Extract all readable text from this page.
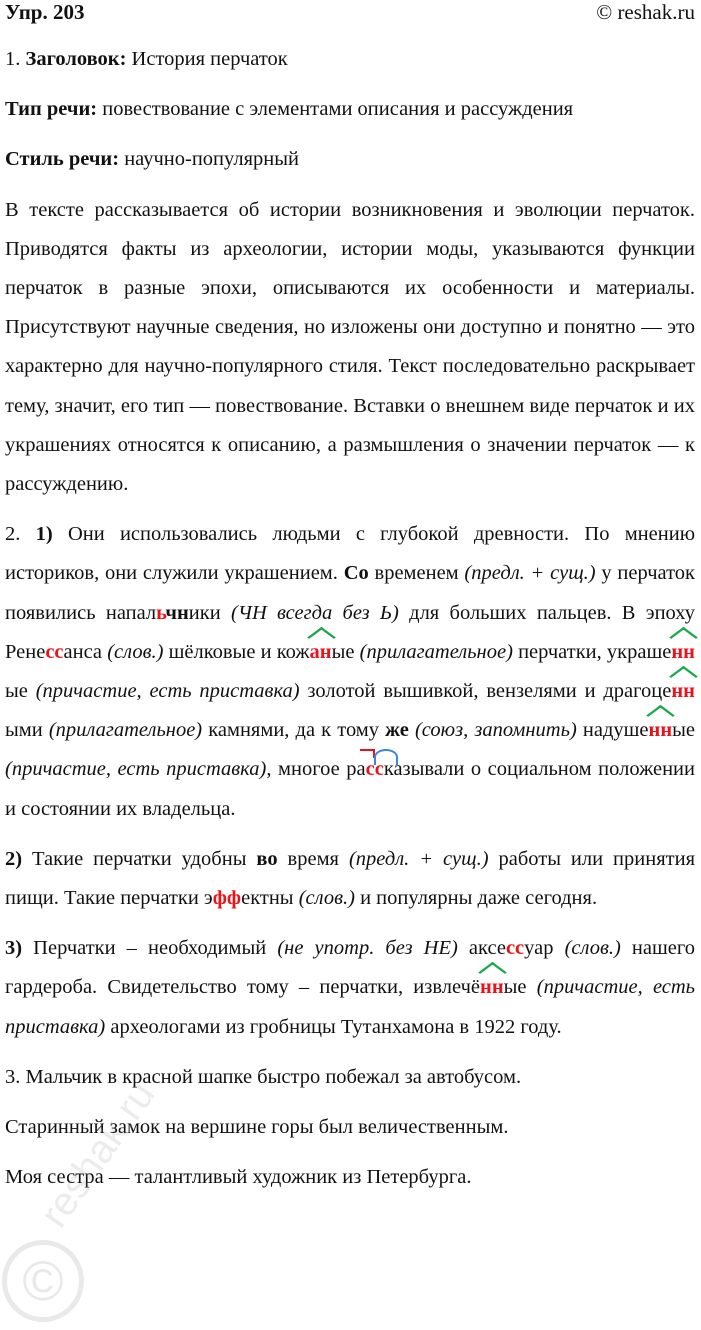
Упр. 203	© reshak.ru

1. Заголовок: История перчаток

Тип речи: повествование с элементами описания и рассуждения

Стиль речи: научно-популярный

В тексте рассказывается об истории возникновения и эволюции перчаток. Приводятся факты из археологии, истории моды, указываются функции перчаток в разные эпохи, описываются их особенности и материалы. Присутствуют научные сведения, но изложены они доступно и понятно — это характерно для научно-популярного стиля. Текст последовательно раскрывает тему, значит, его тип — повествование. Вставки о внешнем виде перчаток и их украшениях относятся к описанию, а размышления о значении перчаток — к рассуждению.

2. 1) Они использовались людьми с глубокой древности. По мнению историков, они служили украшением. Со временем (предл. + сущ.) у перчаток появились напальчники (ЧН всегда без Ь) для больших пальцев. В эпоху Ренeссанса (слов.) шёлковые и кожаные (прилагательное) перчатки, украшенные (причастие, есть приставка) золотой вышивкой, вензелями и драгоценными (прилагательное) камнями, да к тому же (союз, запомнить) надушенные (причастие, есть приставка), многое рассказывали о социальном положении и состоянии их владельца.

2) Такие перчатки удобны во время (предл. + сущ.) работы или принятия пищи. Такие перчатки эффектны (слов.) и популярны даже сегодня.

3) Перчатки – необходимый (не употр. без НЕ) аксессуар (слов.) нашего гардероба. Свидетельство тому – перчатки, извлечённые (причастие, есть приставка) археологами из гробницы Тутанхамона в 1922 году.

3. Мальчик в красной шапке быстро побежал за автобусом.

Старинный замок на вершине горы был величественным.

Моя сестра — талантливый художник из Петербурга.

©
reshak.ru
